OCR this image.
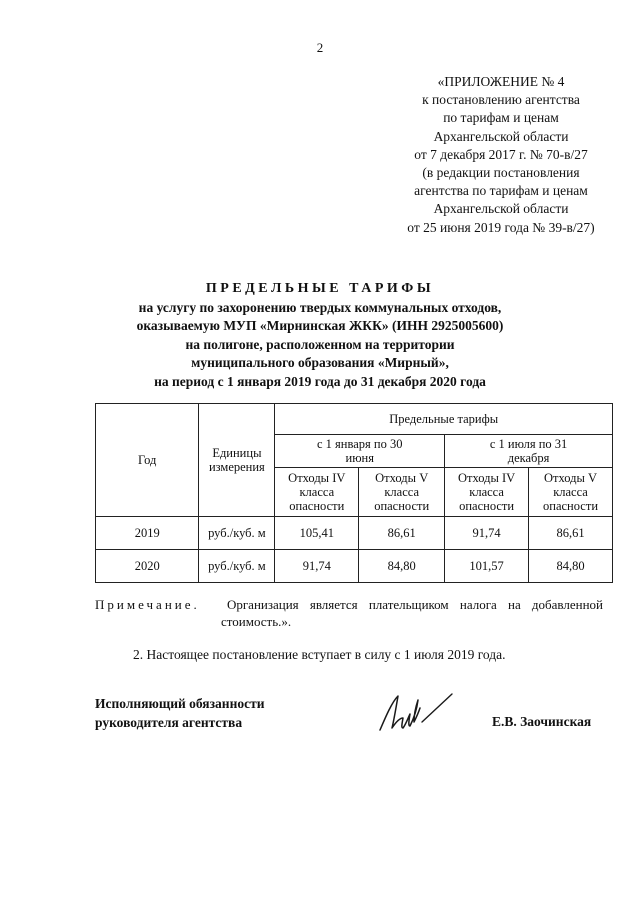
2
«ПРИЛОЖЕНИЕ № 4
к постановлению агентства
по тарифам и ценам
Архангельской области
от 7 декабря 2017 г. № 70-в/27
(в редакции постановления
агентства по тарифам и ценам
Архангельской области
от 25 июня 2019 года № 39-в/27)
ПРЕДЕЛЬНЫЕ ТАРИФЫ
на услугу по захоронению твердых коммунальных отходов,
оказываемую МУП «Мирнинская ЖКК» (ИНН 2925005600)
на полигоне, расположенном на территории
муниципального образования «Мирный»,
на период с 1 января 2019 года до 31 декабря 2020 года
Год	Единицы измерения	Предельные тарифы			
		с 1 января по 30 июня		с 1 июля по 31 декабря	
		Отходы IV класса опасности	Отходы V класса опасности	Отходы IV класса опасности	Отходы V класса опасности
2019	руб./куб. м	105,41	86,61	91,74	86,61
2020	руб./куб. м	91,74	84,80	101,57	84,80
Примечание. Организация является плательщиком налога на добавленной
стоимость.».
2. Настоящее постановление вступает в силу с 1 июля 2019 года.
Исполняющий обязанности
руководителя агентства	Е.В. Заочинская
